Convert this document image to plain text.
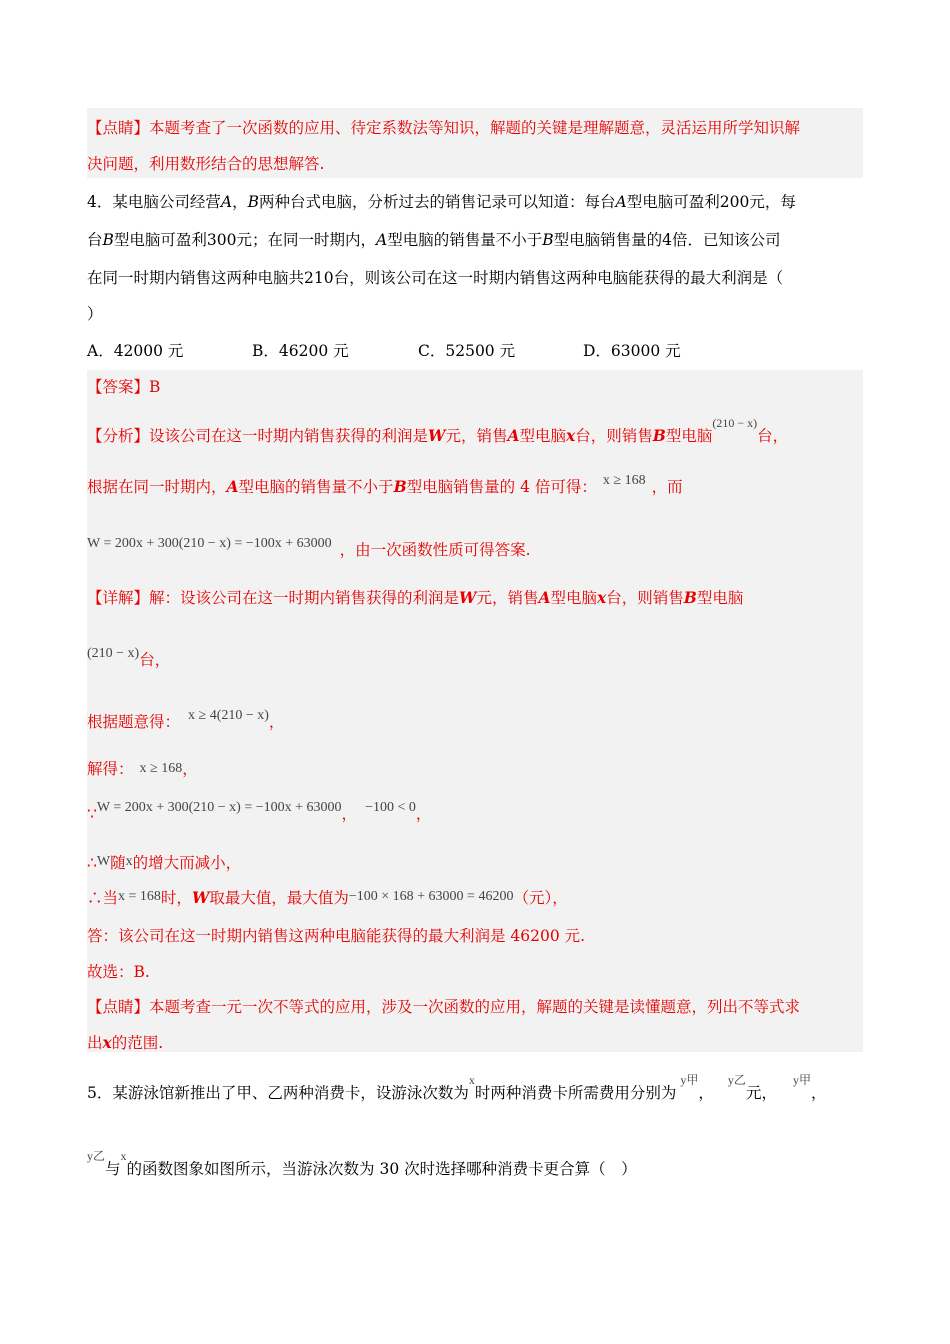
【点睛】本题考查了一次函数的应用、待定系数法等知识，解题的关键是理解题意，灵活运用所学知识解
决问题，利用数形结合的思想解答.
4．某电脑公司经营A，B两种台式电脑，分析过去的销售记录可以知道：每台A型电脑可盈利200元，每
台B型电脑可盈利300元；在同一时期内，A型电脑的销售量不小于B型电脑销售量的4倍．已知该公司
在同一时期内销售这两种电脑共210台，则该公司在这一时期内销售这两种电脑能获得的最大利润是（
）
A．42000 元	B．46200 元	C．52500 元	D．63000 元
【答案】B
【分析】设该公司在这一时期内销售获得的利润是W元，销售A型电脑x台，则销售B型电脑$^{(210 - x)}$台，
根据在同一时期内，A型电脑的销售量不小于B型电脑销售量的 4 倍可得： x ≥ 168 ，而
W = 200x + 300(210 − x) = −100x + 63000 ，由一次函数性质可得答案.
【详解】解：设该公司在这一时期内销售获得的利润是W元，销售A型电脑x台，则销售B型电脑
(210 − x)台，
根据题意得： x ≥ 4(210 − x)，
解得： x ≥ 168，
∵W = 200x + 300(210 − x) = −100x + 63000， −100 < 0，
∴W随x的增大而减小，
∴当x = 168时，W取最大值，最大值为−100 × 168 + 63000 = 46200（元），
答：该公司在这一时期内销售这两种电脑能获得的最大利润是 46200 元.
故选：B.
【点睛】本题考查一元一次不等式的应用，涉及一次函数的应用，解题的关键是读懂题意，列出不等式求
出x的范围.
5．某游泳馆新推出了甲、乙两种消费卡，设游泳次数为$^x$时两种消费卡所需费用分别为$^{y甲}$，$^{y乙}$元，$^{y甲}$，
$^{y乙}$与$^x$的函数图象如图所示，当游泳次数为 30 次时选择哪种消费卡更合算（　）
